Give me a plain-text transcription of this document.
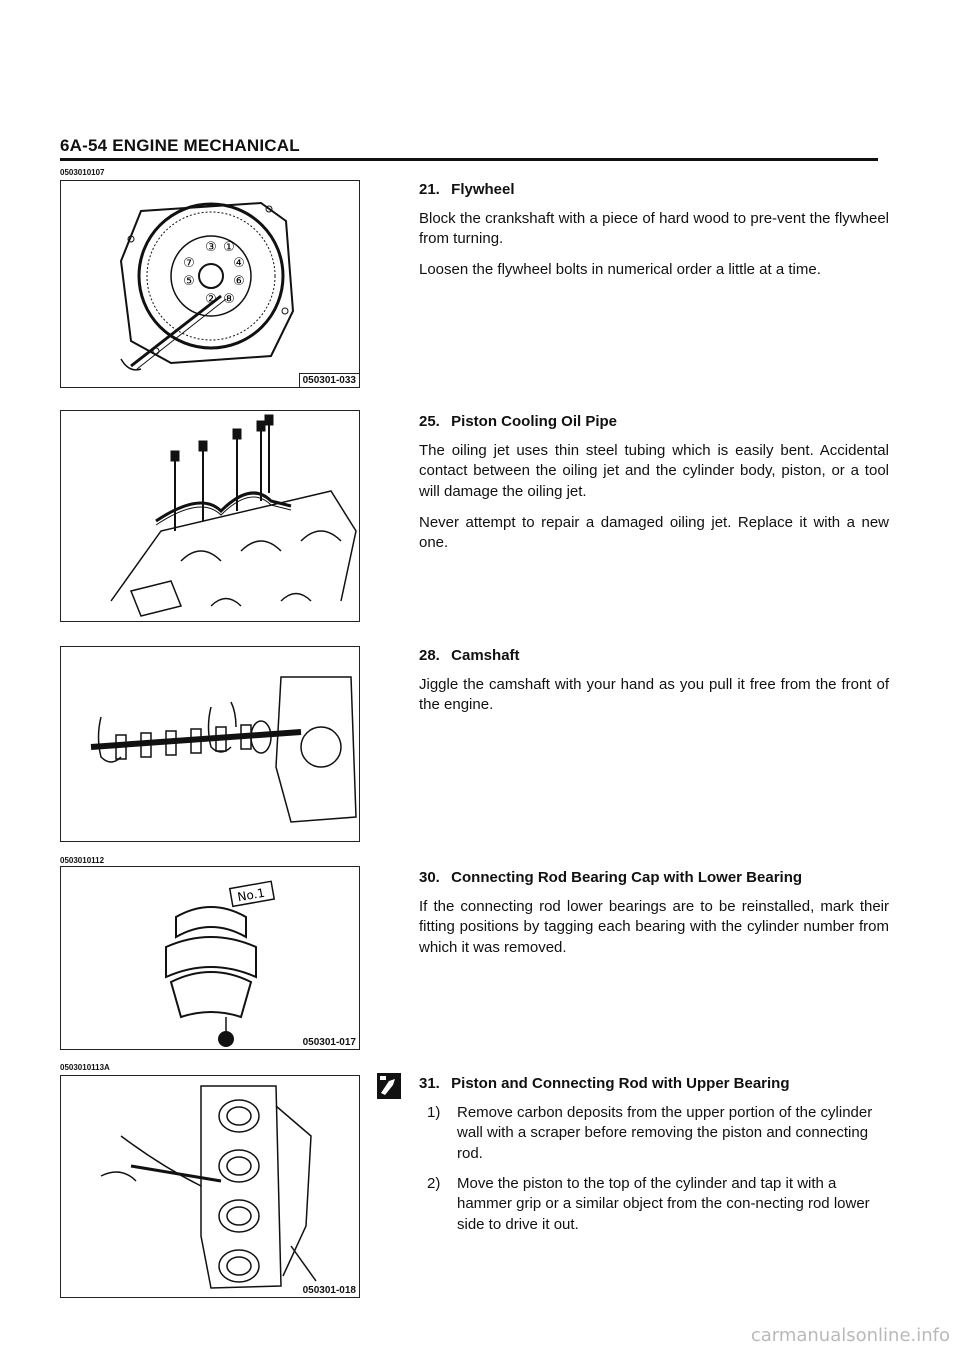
6A-54 ENGINE MECHANICAL
0503010107
③ ①
⑦	④
⑤	⑥
② ⑧
050301-033
0503010112
No.1
050301-017
0503010113A
050301-018
21. Flywheel

Block the crankshaft with a piece of hard wood to pre-vent the flywheel from turning.

Loosen the flywheel bolts in numerical order a little at a time.

25. Piston Cooling Oil Pipe

The oiling jet uses thin steel tubing which is easily bent. Accidental contact between the oiling jet and the cylinder body, piston, or a tool will damage the oiling jet.

Never attempt to repair a damaged oiling jet. Replace it with a new one.

28. Camshaft

Jiggle the camshaft with your hand as you pull it free from the front of the engine.

30. Connecting Rod Bearing Cap with Lower Bearing

If the connecting rod lower bearings are to be reinstalled, mark their fitting positions by tagging each bearing with the cylinder number from which it was removed.

31. Piston and Connecting Rod with Upper Bearing
1)	Remove carbon deposits from the upper portion of the cylinder wall with a scraper before removing the piston and connecting rod.
2)	Move the piston to the top of the cylinder and tap it with a hammer grip or a similar object from the con-necting rod lower side to drive it out.
carmanualsonline.info
